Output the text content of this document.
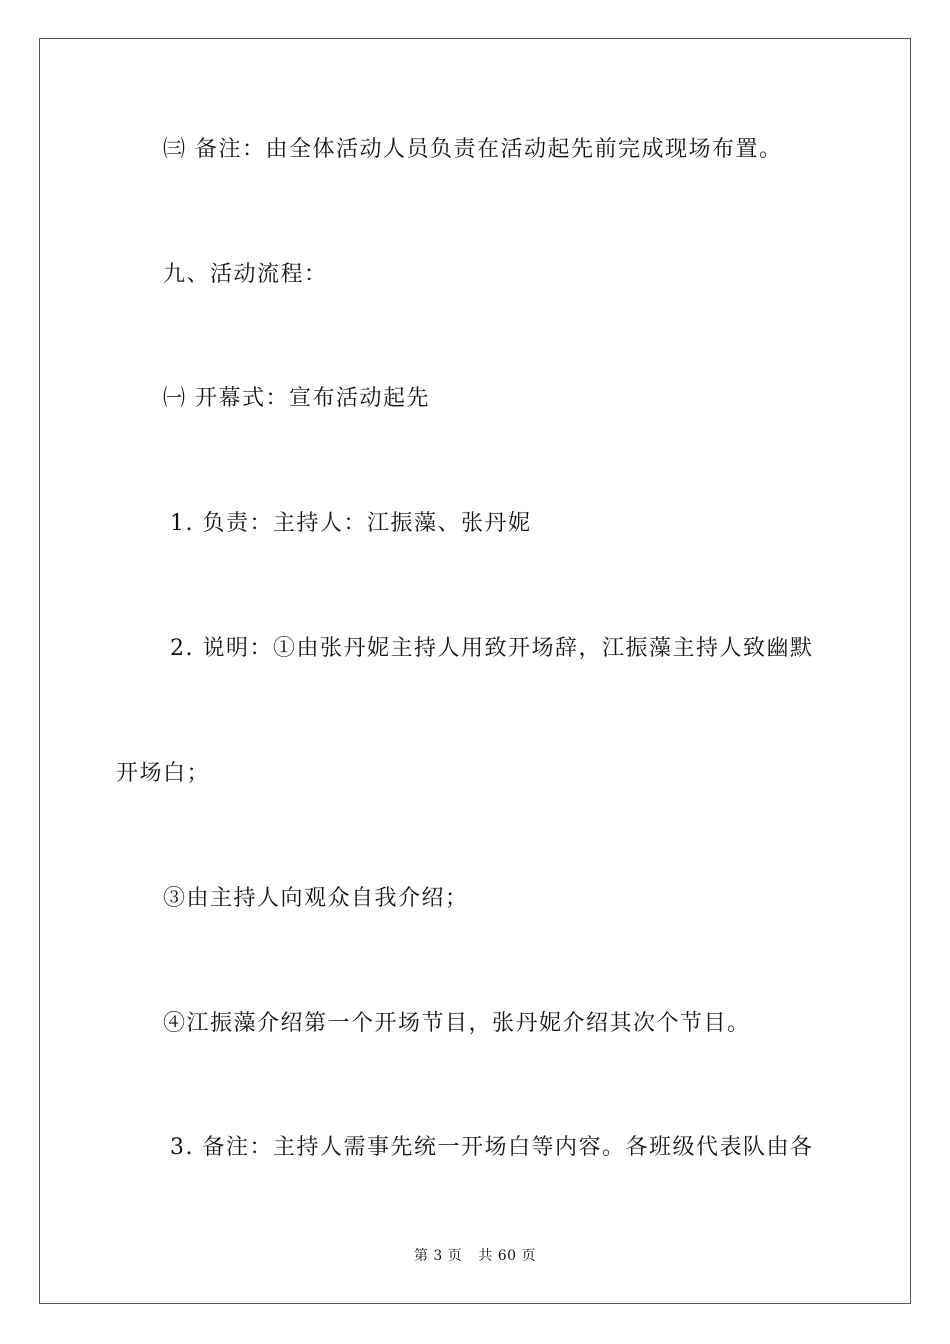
㈢ 备注：由全体活动人员负责在活动起先前完成现场布置。
九、活动流程：
㈠ 开幕式：宣布活动起先
1. 负责：主持人：江振藻、张丹妮
2. 说明：①由张丹妮主持人用致开场辞，江振藻主持人致幽默
开场白；
③由主持人向观众自我介绍；
④江振藻介绍第一个开场节目，张丹妮介绍其次个节目。
3. 备注：主持人需事先统一开场白等内容。各班级代表队由各
第 3 页 共 60 页
